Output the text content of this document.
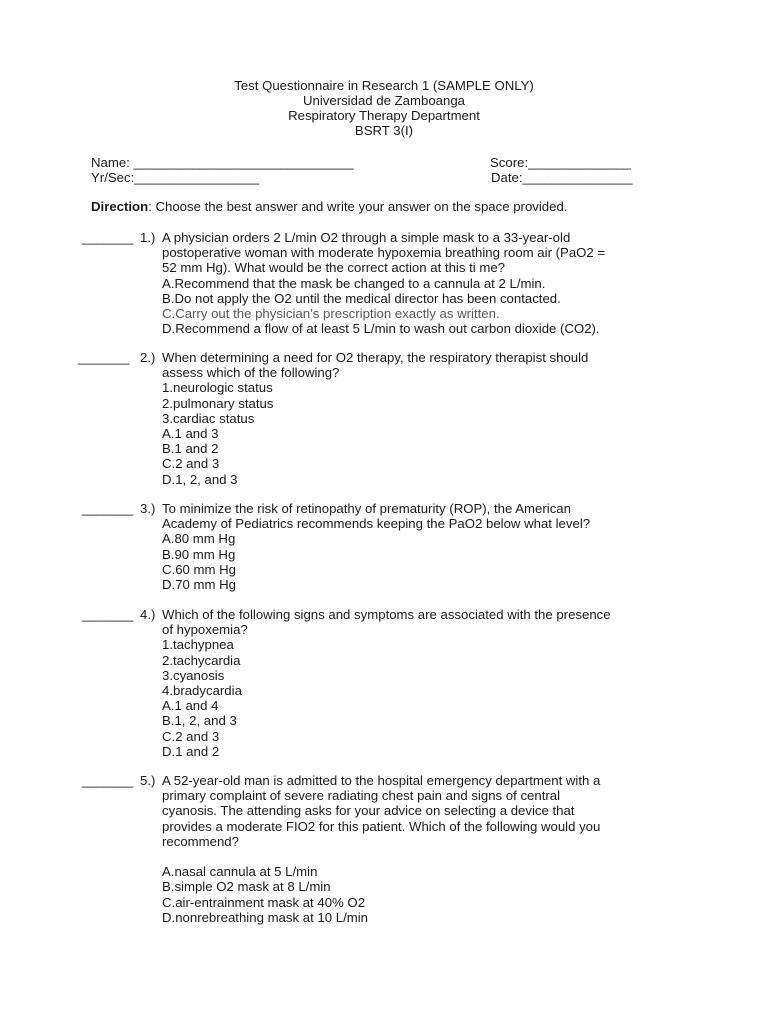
Test Questionnaire in Research 1 (SAMPLE ONLY)
Universidad de Zamboanga
Respiratory Therapy Department
BSRT 3(I)
Name: ______________________________
Yr/Sec:_________________
Score:______________
Date:_______________
Direction: Choose the best answer and write your answer on the space provided.
_______ 1.) A physician orders 2 L/min O2 through a simple mask to a 33-year-old
postoperative woman with moderate hypoxemia breathing room air (PaO2 =
52 mm Hg). What would be the correct action at this ti me?
A.Recommend that the mask be changed to a cannula at 2 L/min.
B.Do not apply the O2 until the medical director has been contacted.
C.Carry out the physician’s prescription exactly as written.
D.Recommend a flow of at least 5 L/min to wash out carbon dioxide (CO2).
_______ 2.) When determining a need for O2 therapy, the respiratory therapist should
assess which of the following?
1.neurologic status
2.pulmonary status
3.cardiac status
A.1 and 3
B.1 and 2
C.2 and 3
D.1, 2, and 3
_______ 3.) To minimize the risk of retinopathy of prematurity (ROP), the American
Academy of Pediatrics recommends keeping the PaO2 below what level?
A.80 mm Hg
B.90 mm Hg
C.60 mm Hg
D.70 mm Hg
_______ 4.) Which of the following signs and symptoms are associated with the presence
of hypoxemia?
1.tachypnea
2.tachycardia
3.cyanosis
4.bradycardia
A.1 and 4
B.1, 2, and 3
C.2 and 3
D.1 and 2
_______ 5.) A 52-year-old man is admitted to the hospital emergency department with a
primary complaint of severe radiating chest pain and signs of central
cyanosis. The attending asks for your advice on selecting a device that
provides a moderate FIO2 for this patient. Which of the following would you
recommend?
A.nasal cannula at 5 L/min
B.simple O2 mask at 8 L/min
C.air-entrainment mask at 40% O2
D.nonrebreathing mask at 10 L/min
